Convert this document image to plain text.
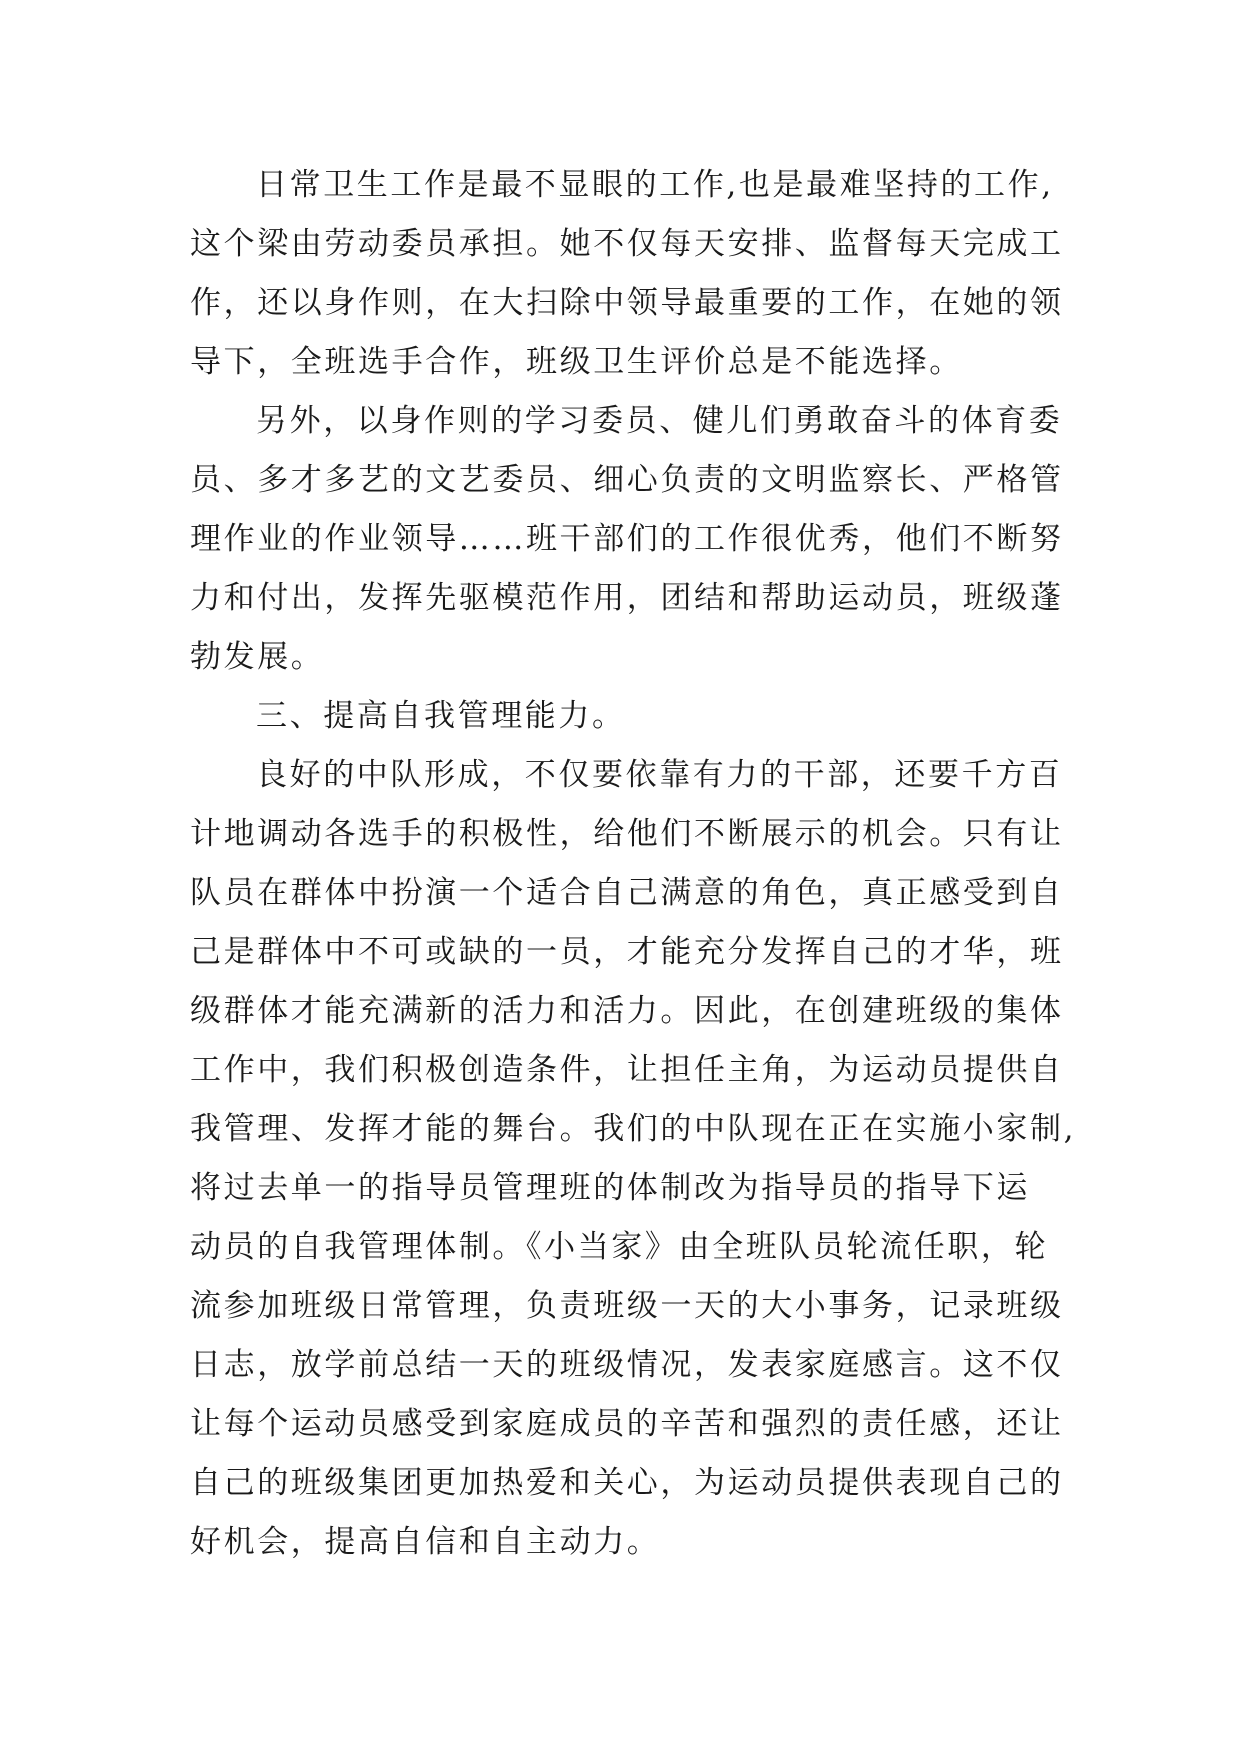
日常卫生工作是最不显眼的工作,也是最难坚持的工作,
这个梁由劳动委员承担。她不仅每天安排、监督每天完成工
作，还以身作则，在大扫除中领导最重要的工作，在她的领
导下，全班选手合作，班级卫生评价总是不能选择。
另外，以身作则的学习委员、健儿们勇敢奋斗的体育委
员、多才多艺的文艺委员、细心负责的文明监察长、严格管
理作业的作业领导……班干部们的工作很优秀，他们不断努
力和付出，发挥先驱模范作用，团结和帮助运动员，班级蓬
勃发展。
三、提高自我管理能力。
良好的中队形成，不仅要依靠有力的干部，还要千方百
计地调动各选手的积极性，给他们不断展示的机会。只有让
队员在群体中扮演一个适合自己满意的角色，真正感受到自
己是群体中不可或缺的一员，才能充分发挥自己的才华，班
级群体才能充满新的活力和活力。因此，在创建班级的集体
工作中，我们积极创造条件，让担任主角，为运动员提供自
我管理、发挥才能的舞台。我们的中队现在正在实施小家制,
将过去单一的指导员管理班的体制改为指导员的指导下运
动员的自我管理体制。《小当家》由全班队员轮流任职，轮
流参加班级日常管理，负责班级一天的大小事务，记录班级
日志，放学前总结一天的班级情况，发表家庭感言。这不仅
让每个运动员感受到家庭成员的辛苦和强烈的责任感，还让
自己的班级集团更加热爱和关心，为运动员提供表现自己的
好机会，提高自信和自主动力。
